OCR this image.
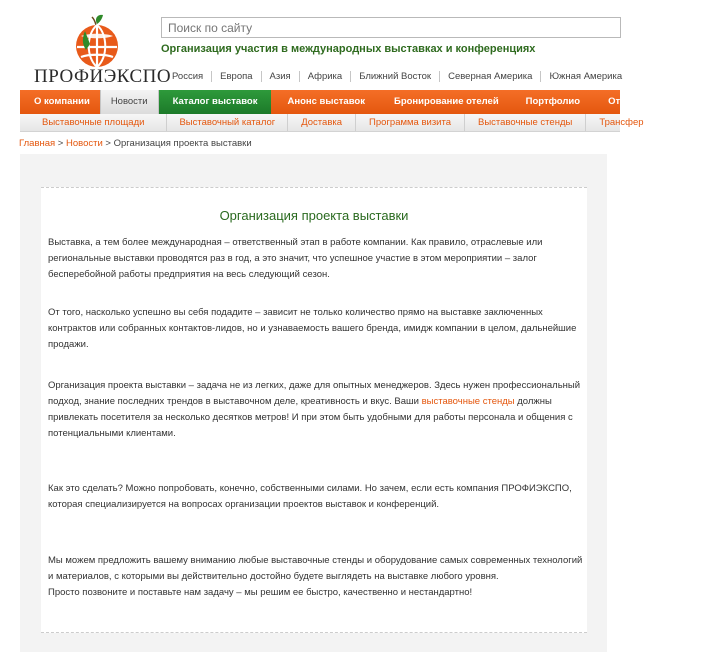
ПРОФИЭКСПО
Поиск по сайту
Организация участия в международных выставках и конференциях
Россия	Европа	Азия	Африка	Ближний Восток	Северная Америка	Южная Америка
О компании	Новости	Каталог выставок	Анонс выставок	Бронирование отелей	Портфолио	Отчеты о выставках
Выставочные площади	Выставочный каталог	Доставка	Программа визита	Выставочные стенды	Трансфер
Главная > Новости > Организация проекта выставки
Организация проекта выставки
Выставка, а тем более международная – ответственный этап в работе компании. Как правило, отраслевые или региональные выставки проводятся раз в год, а это значит, что успешное участие в этом мероприятии – залог бесперебойной работы предприятия на весь следующий сезон.
От того, насколько успешно вы себя подадите – зависит не только количество прямо на выставке заключенных контрактов или собранных контактов-лидов, но и узнаваемость вашего бренда, имидж компании в целом, дальнейшие продажи.
Организация проекта выставки – задача не из легких, даже для опытных менеджеров. Здесь нужен профессиональный подход, знание последних трендов в выставочном деле, креативность и вкус. Ваши выставочные стенды должны привлекать посетителя за несколько десятков метров! И при этом быть удобными для работы персонала и общения с потенциальными клиентами.
Как это сделать? Можно попробовать, конечно, собственными силами. Но зачем, если есть компания ПРОФИЭКСПО, которая специализируется на вопросах организации проектов выставок и конференций.
Мы можем предложить вашему вниманию любые выставочные стенды и оборудование самых современных технологий и материалов, с которыми вы действительно достойно будете выглядеть на выставке любого уровня.
Просто позвоните и поставьте нам задачу – мы решим ее быстро, качественно и нестандартно!
